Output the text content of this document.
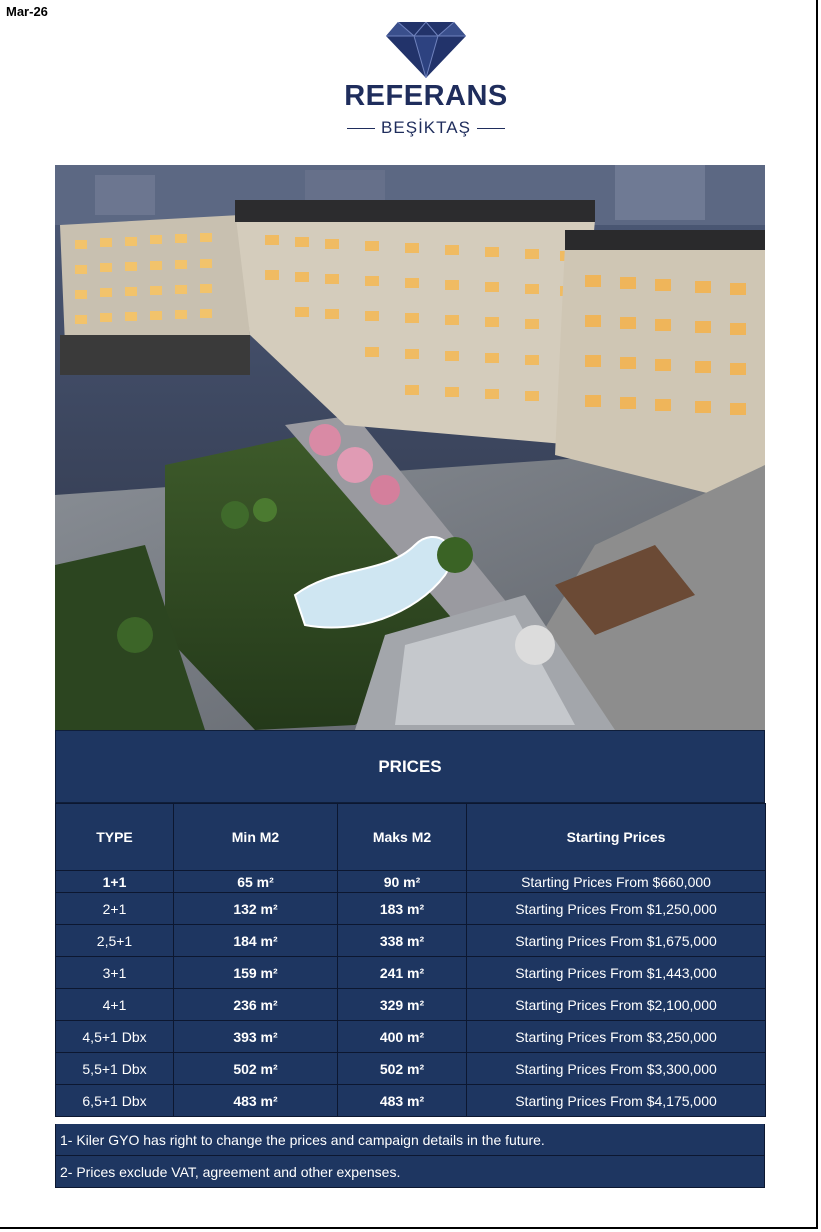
Mar-26
REFERANS
BEŞİKTAŞ
PRICES
TYPE	Min M2	Maks M2	Starting Prices
1+1	65 m²	90 m²	Starting Prices From $660,000
2+1	132 m²	183 m²	Starting Prices From $1,250,000
2,5+1	184 m²	338 m²	Starting Prices From $1,675,000
3+1	159 m²	241 m²	Starting Prices From $1,443,000
4+1	236 m²	329 m²	Starting Prices From $2,100,000
4,5+1 Dbx	393 m²	400 m²	Starting Prices From $3,250,000
5,5+1 Dbx	502 m²	502 m²	Starting Prices From $3,300,000
6,5+1 Dbx	483 m²	483 m²	Starting Prices From $4,175,000
1- Kiler GYO has right to change the prices and campaign details in the future.
2- Prices exclude VAT, agreement and other expenses.
